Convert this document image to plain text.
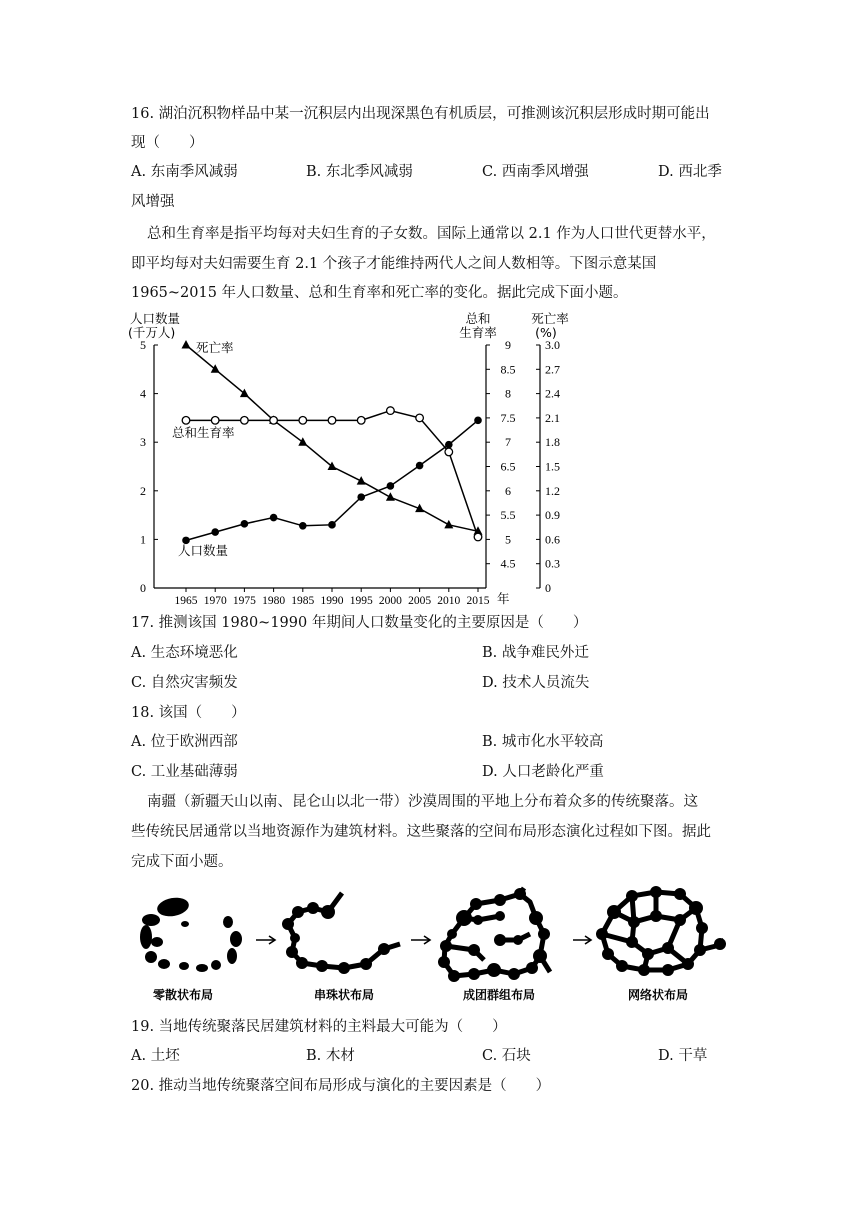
16. 湖泊沉积物样品中某一沉积层内出现深黑色有机质层，可推测该沉积层形成时期可能出
现（　　）
A. 东南季风减弱	B. 东北季风减弱	C. 西南季风增强	D. 西北季
风增强
总和生育率是指平均每对夫妇生育的子女数。国际上通常以 2.1 作为人口世代更替水平，
即平均每对夫妇需要生育 2.1 个孩子才能维持两代人之间人数相等。下图示意某国
1965~2015 年人口数量、总和生育率和死亡率的变化。据此完成下面小题。
0
1
2
3
4
5
4.5
5
5.5
6
6.5
7
7.5
8
8.5
9
0
0.3
0.6
0.9
1.2
1.5
1.8
2.1
2.4
2.7
3.0
1965 1970 1975 1980 1985 1990 1995 2000 2005 2010 2015
人口数量
(千万人)
总和
生育率
死亡率
(%)
年
死亡率
总和生育率
人口数量
17. 推测该国 1980~1990 年期间人口数量变化的主要原因是（　　）
A. 生态环境恶化	B. 战争难民外迁
C. 自然灾害频发	D. 技术人员流失
18. 该国（　　）
A. 位于欧洲西部	B. 城市化水平较高
C. 工业基础薄弱	D. 人口老龄化严重
南疆（新疆天山以南、昆仑山以北一带）沙漠周围的平地上分布着众多的传统聚落。这
些传统民居通常以当地资源作为建筑材料。这些聚落的空间布局形态演化过程如下图。据此
完成下面小题。
零散状布局	串珠状布局	成团群组布局	网络状布局
19. 当地传统聚落民居建筑材料的主料最大可能为（　　）
A. 土坯	B. 木材	C. 石块	D. 干草
20. 推动当地传统聚落空间布局形成与演化的主要因素是（　　）
